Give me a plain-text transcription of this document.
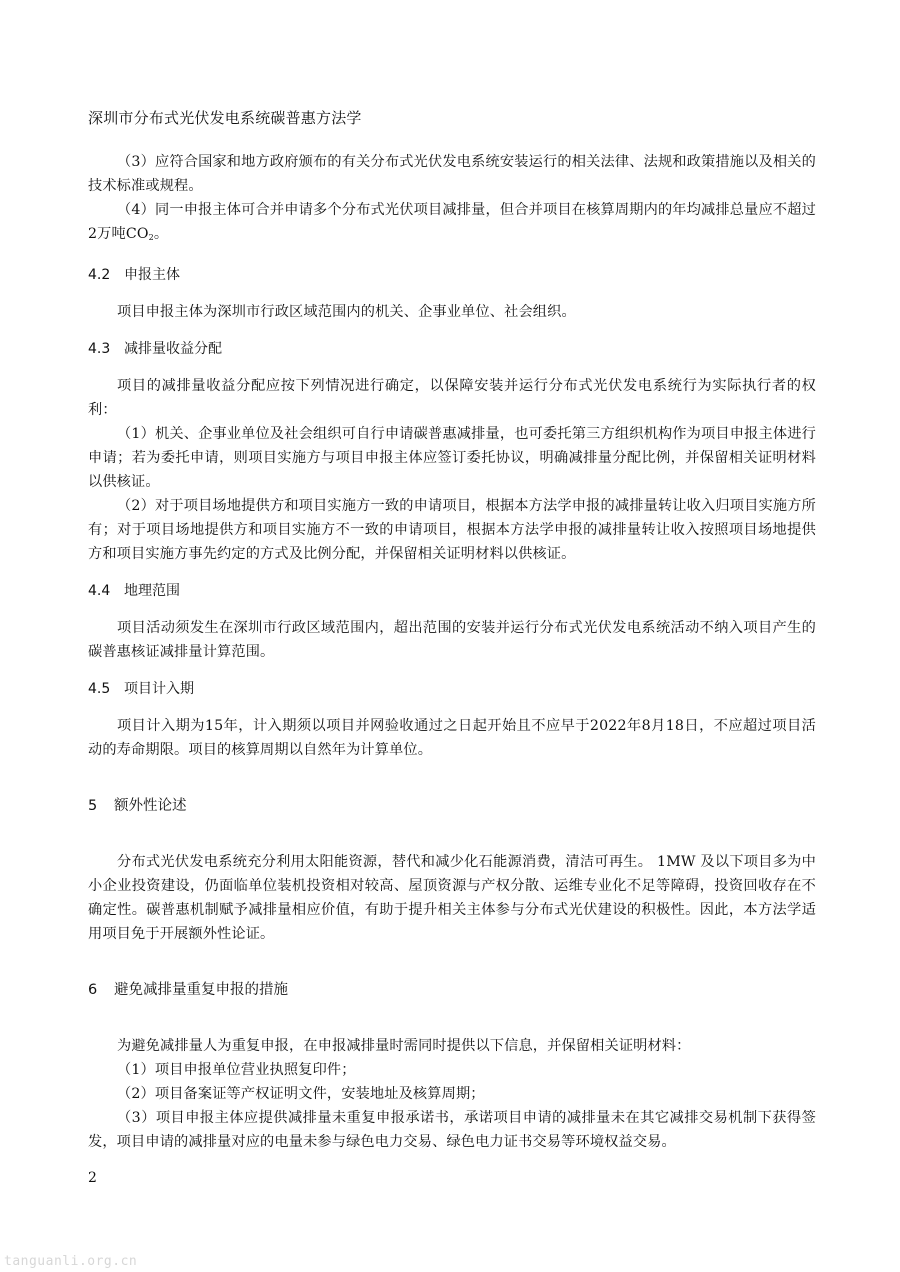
深圳市分布式光伏发电系统碳普惠方法学

（3）应符合国家和地方政府颁布的有关分布式光伏发电系统安装运行的相关法律、法规和政策措施以及相关的技术标准或规程。

（4）同一申报主体可合并申请多个分布式光伏项目减排量，但合并项目在核算周期内的年均减排总量应不超过2万吨$CO_2$。

4.2 申报主体

项目申报主体为深圳市行政区域范围内的机关、企事业单位、社会组织。

4.3 减排量收益分配

项目的减排量收益分配应按下列情况进行确定，以保障安装并运行分布式光伏发电系统行为实际执行者的权利：

（1）机关、企事业单位及社会组织可自行申请碳普惠减排量，也可委托第三方组织机构作为项目申报主体进行申请；若为委托申请，则项目实施方与项目申报主体应签订委托协议，明确减排量分配比例，并保留相关证明材料以供核证。

（2）对于项目场地提供方和项目实施方一致的申请项目，根据本方法学申报的减排量转让收入归项目实施方所有；对于项目场地提供方和项目实施方不一致的申请项目，根据本方法学申报的减排量转让收入按照项目场地提供方和项目实施方事先约定的方式及比例分配，并保留相关证明材料以供核证。

4.4 地理范围

项目活动须发生在深圳市行政区域范围内，超出范围的安装并运行分布式光伏发电系统活动不纳入项目产生的碳普惠核证减排量计算范围。

4.5 项目计入期

项目计入期为15年，计入期须以项目并网验收通过之日起开始且不应早于2022年8月18日，不应超过项目活动的寿命期限。项目的核算周期以自然年为计算单位。

5 额外性论述

分布式光伏发电系统充分利用太阳能资源，替代和减少化石能源消费，清洁可再生。 1MW 及以下项目多为中小企业投资建设，仍面临单位装机投资相对较高、屋顶资源与产权分散、运维专业化不足等障碍，投资回收存在不确定性。碳普惠机制赋予减排量相应价值，有助于提升相关主体参与分布式光伏建设的积极性。因此，本方法学适用项目免于开展额外性论证。

6 避免减排量重复申报的措施

为避免减排量人为重复申报，在申报减排量时需同时提供以下信息，并保留相关证明材料：

（1）项目申报单位营业执照复印件；

（2）项目备案证等产权证明文件，安装地址及核算周期；

（3）项目申报主体应提供减排量未重复申报承诺书，承诺项目申请的减排量未在其它减排交易机制下获得签发，项目申请的减排量对应的电量未参与绿色电力交易、绿色电力证书交易等环境权益交易。

2
tanguanli.org.cn
